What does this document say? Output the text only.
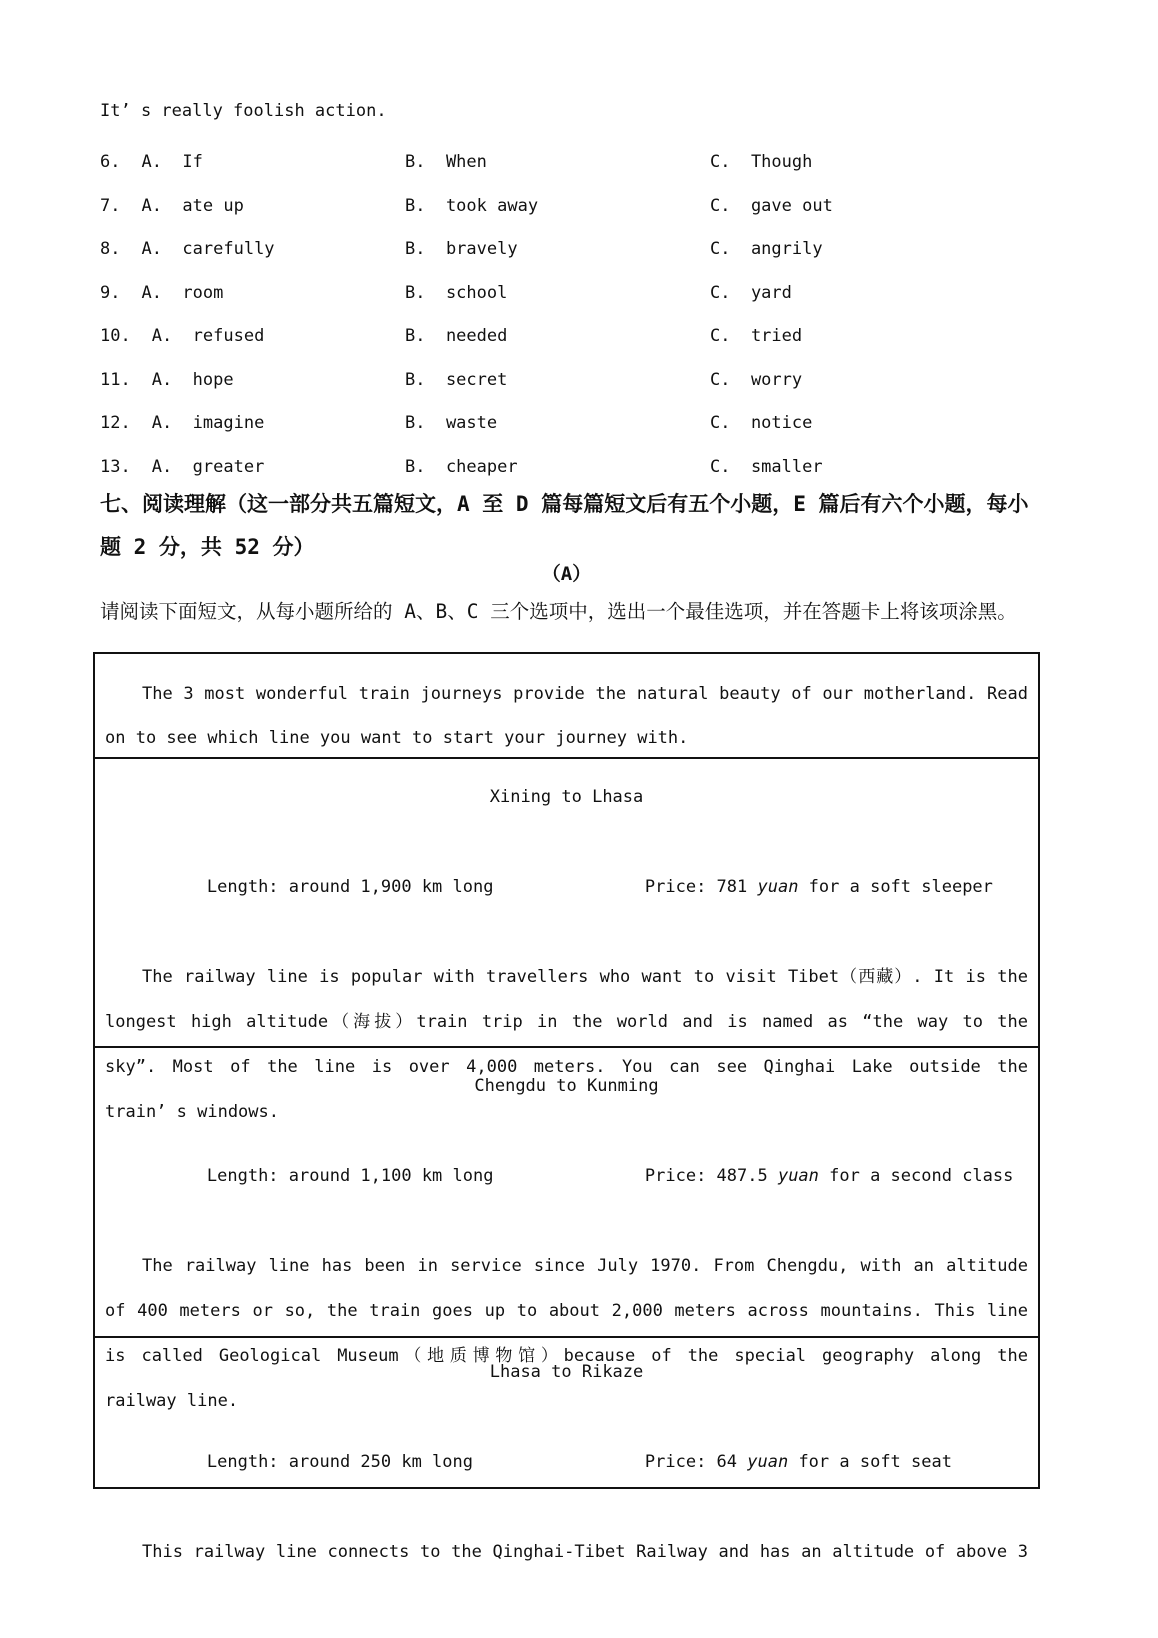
It’ s really foolish action.
6. A.  If	B.  When	C.  Though
7. A.  ate up	B.  took away	C.  gave out
8. A.  carefully	B.  bravely	C.  angrily
9. A.  room	B.  school	C.  yard
10. A.  refused	B.  needed	C.  tried
11. A.  hope	B.  secret	C.  worry
12. A.  imagine	B.  waste	C.  notice
13. A.  greater	B.  cheaper	C.  smaller
七、阅读理解（这一部分共五篇短文，A 至 D 篇每篇短文后有五个小题，E 篇后有六个小题，每小题 2 分，共 52 分）
（A）
请阅读下面短文，从每小题所给的 A、B、C 三个选项中，选出一个最佳选项，并在答题卡上将该项涂黑。
The 3 most wonderful train journeys provide the natural beauty of our motherland. Read
on to see which line you want to start your journey with.
Xining to Lhasa

Length: around 1,900 km long	Price: 781 yuan for a soft sleeper

The railway line is popular with travellers who want to visit Tibet（西藏）. It is the
longest high altitude（海拔）train trip in the world and is named as “the way to the
sky”. Most of the line is over 4,000 meters. You can see Qinghai Lake outside the
train’ s windows.
Chengdu to Kunming

Length: around 1,100 km long	Price: 487.5 yuan for a second class

The railway line has been in service since July 1970. From Chengdu, with an altitude
of 400 meters or so, the train goes up to about 2,000 meters across mountains. This line
is called Geological Museum（地质博物馆）because of the special geography along the
railway line.
Lhasa to Rikaze

Length: around 250 km long	Price: 64 yuan for a soft seat

This railway line connects to the Qinghai-Tibet Railway and has an altitude of above 3
